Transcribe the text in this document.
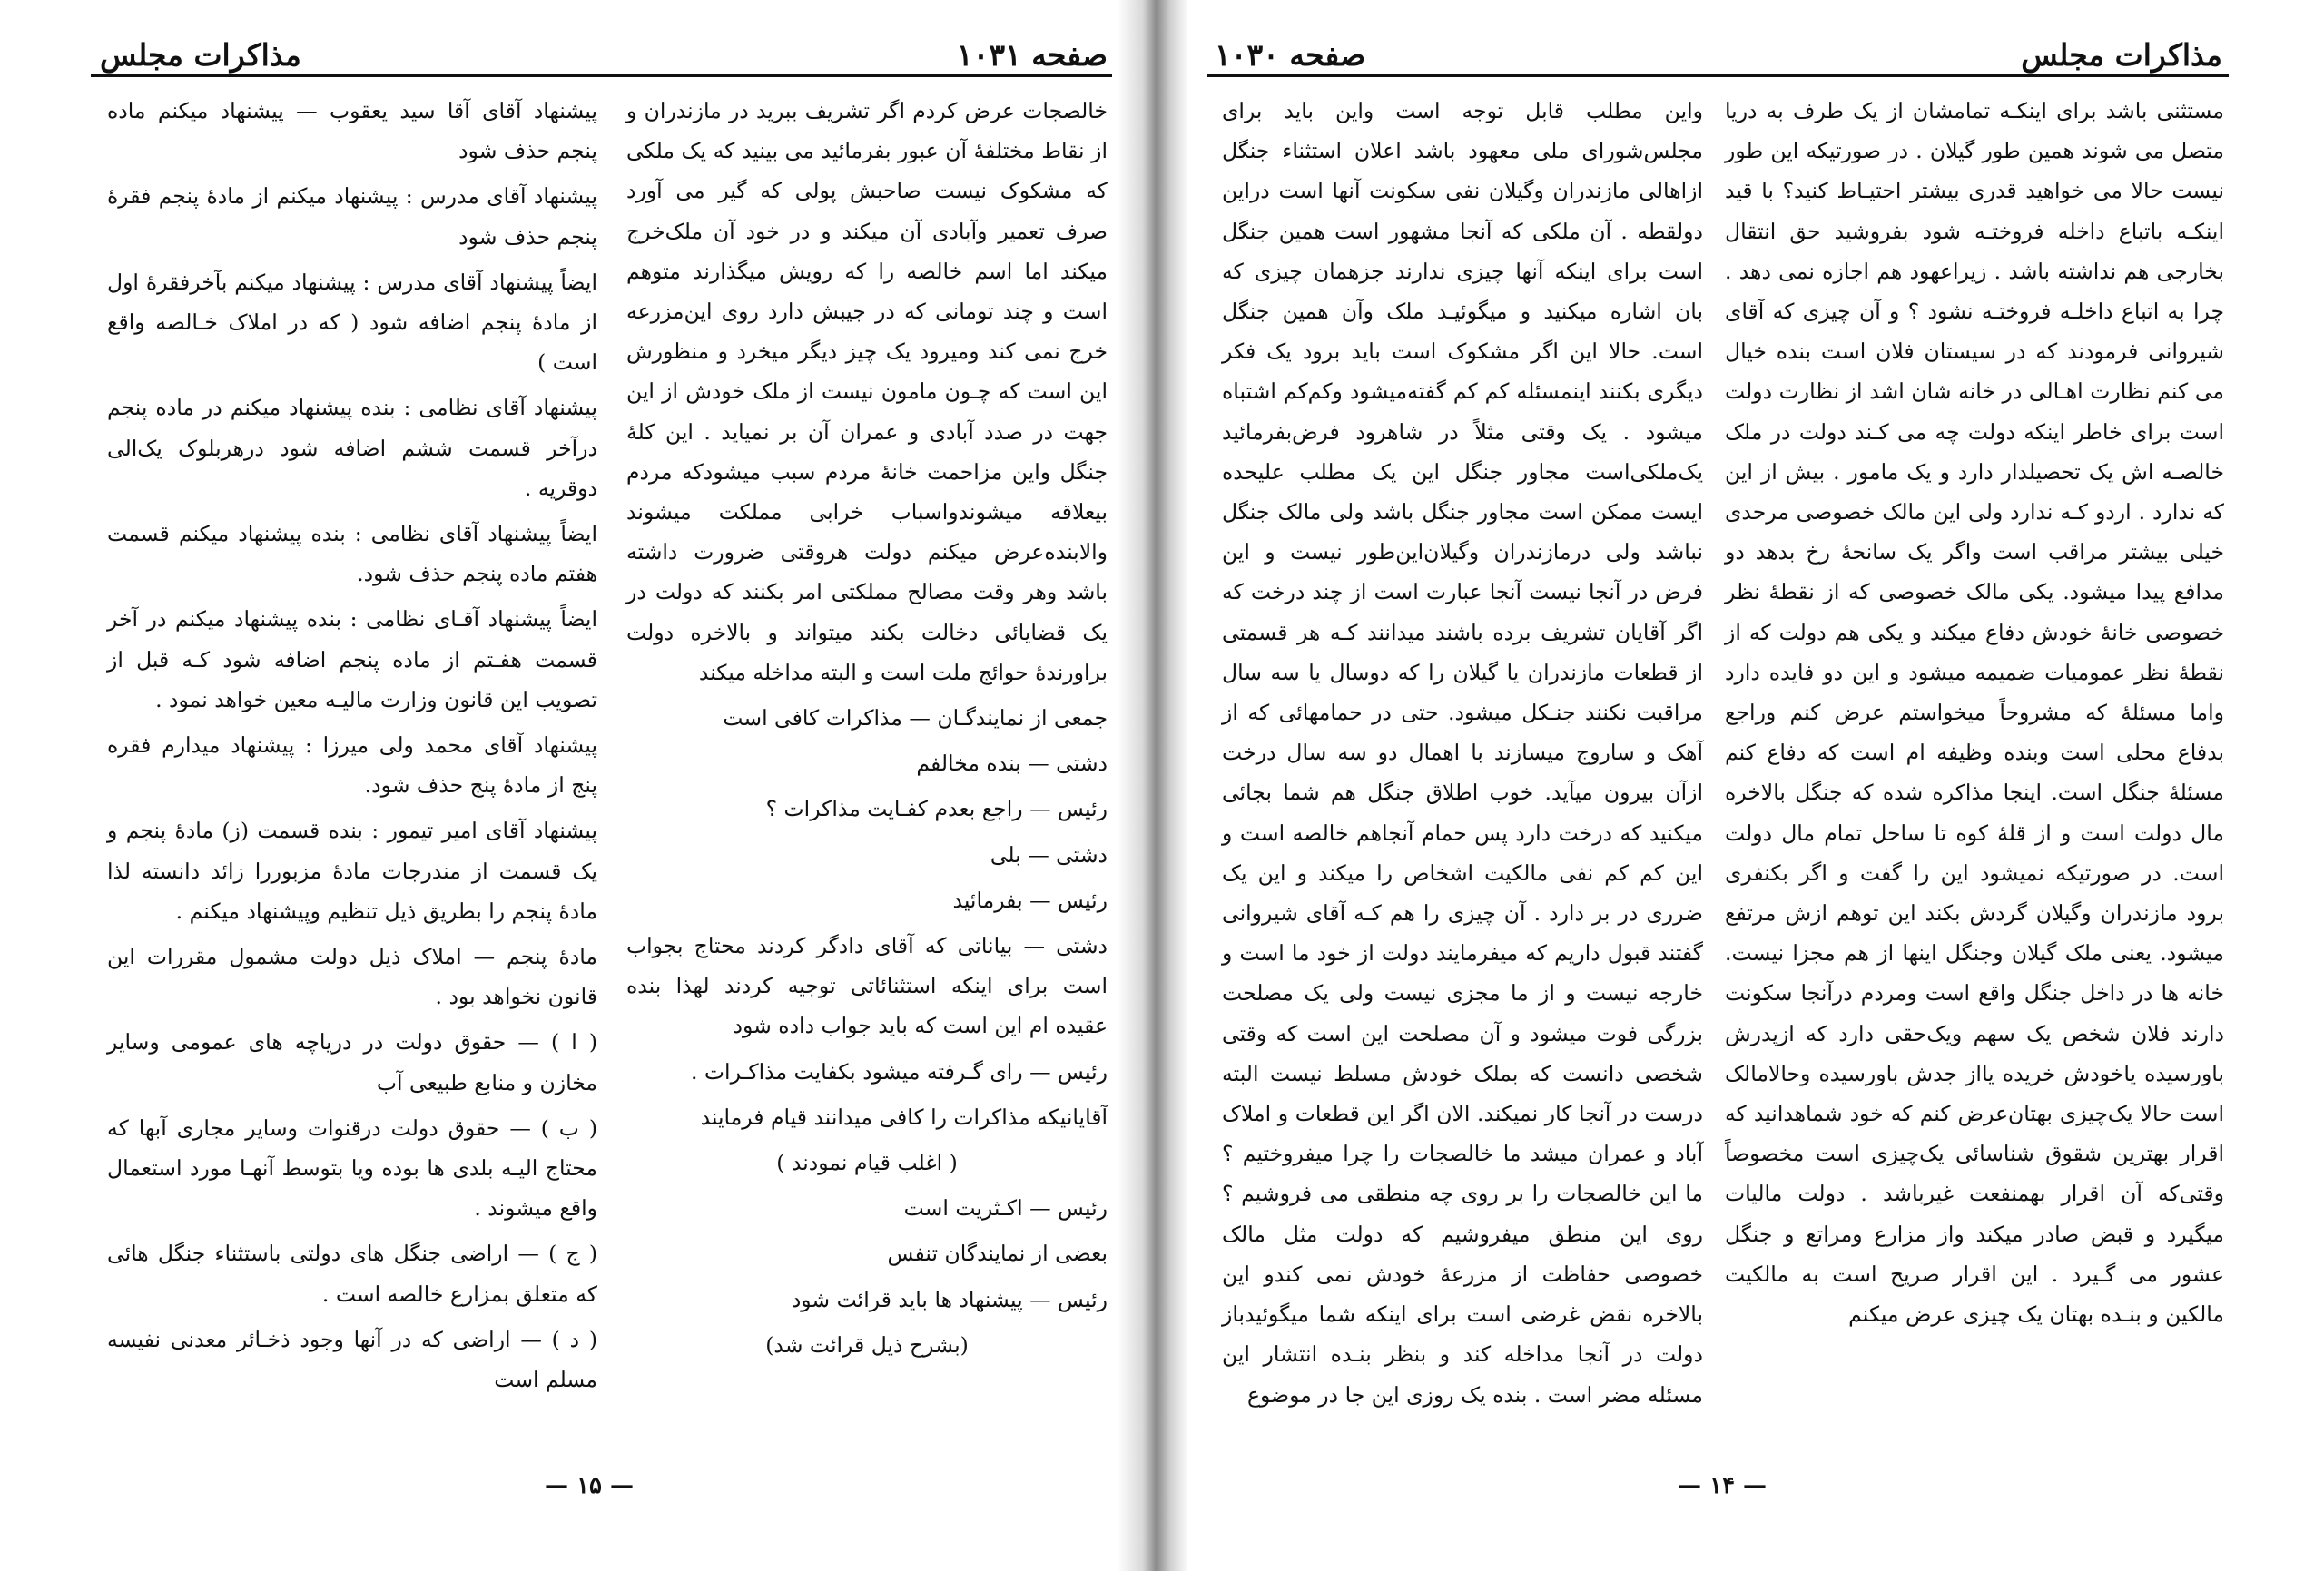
صفحه ۱۰۳۱
مذاکرات مجلس

خالصجات عرض کردم اگر تشریف ببرید در مازندران و از نقاط مختلفهٔ آن عبور بفرمائید می بینید که یک ملکی که مشکوک نیست صاحبش پولی که گیر می آورد صرف تعمیر وآبادی آن میکند و در خود آن ملک‌خرج میکند اما اسم خالصه را که رویش میگذارند متوهم است و چند تومانی که در جیبش دارد روی این‌مزرعه خرج نمی کند ومیرود یک چیز دیگر میخرد و منظورش این است که چـون مامون نیست از ملک خودش از این جهت در صدد آبادی و عمران آن بر نمیاید . این کلهٔ جنگل واین مزاحمت خانهٔ مردم سبب میشودکه مردم بیعلاقه میشوندواسباب خرابی مملکت میشوند والابنده‌عرض میکنم دولت هروقتی ضرورت داشته باشد وهر وقت مصالح مملکتی امر بکنند که دولت در یک قضایائی دخالت بکند میتواند و بالاخره دولت براورندهٔ حوائج ملت است و البته مداخله میکند

جمعی از نمایندگـان — مذاکرات کافی است

دشتی — بنده مخالفم

رئیس — راجع بعدم کفـایت مذاکرات ؟

دشتی — بلی

رئیس — بفرمائید

دشتی — بیاناتی که آقای دادگر کردند محتاج بجواب است برای اینکه استثنائاتی توجیه کردند لهذا بنده عقیده ام این است که باید جواب داده شود

رئیس — رای گـرفته میشود بکفایت مذاکـرات .

آقایانیکه مذاکرات را کافی میدانند قیام فرمایند

( اغلب قیام نمودند )

رئیس — اکـثریت است

بعضی از نمایندگان تنفس

رئیس — پیشنهاد ها باید قرائت شود

(بشرح ذیل قرائت شد)

پیشنهاد آقای آقا سید یعقوب — پیشنهاد میکنم ماده پنجم حذف شود

پیشنهاد آقای مدرس : پیشنهاد میکنم از مادهٔ پنجم فقرهٔ پنجم حذف شود

ایضاً پیشنهاد آقای مدرس : پیشنهاد میکنم بآخرفقرهٔ اول از مادهٔ پنجم اضافه شود ( که در املاک خـالصه واقع است )

پیشنهاد آقای نظامی : بنده پیشنهاد میکنم در ماده پنجم درآخر قسمت ششم اضافه شود درهربلوک یک‌الی دوقریه .

ایضاً پیشنهاد آقای نظامی : بنده پیشنهاد میکنم قسمت هفتم ماده پنجم حذف شود.

ایضاً پیشنهاد آقـای نظامی : بنده پیشنهاد میکنم در آخر قسمت هفـتم از ماده پنجم اضافه شود کـه قبل از تصویب این قانون وزارت مالیـه معین خواهد نمود .

پیشنهاد آقای محمد ولی میرزا : پیشنهاد میدارم فقره پنج از مادهٔ پنج حذف شود.

پیشنهاد آقای امیر تیمور : بنده قسمت (ز) مادهٔ پنجم و یک قسمت از مندرجات مادهٔ مزبوررا زائد دانسته لذا مادهٔ پنجم را بطریق ذیل تنظیم وپیشنهاد میکنم .

مادهٔ پنجم — املاک ذیل دولت مشمول مقررات این قانون نخواهد بود .

( ا ) — حقوق دولت در دریاچه های عمومی وسایر مخازن و منابع طبیعی آب

( ب ) — حقوق دولت درقنوات وسایر مجاری آبها که محتاج الیـه بلدی ها بوده ویا بتوسط آنهـا مورد استعمال واقع میشوند .

( ج ) — اراضی جنگل های دولتی باستثناء جنگل هائی که متعلق بمزارع خالصه است .

( د ) — اراضی که در آنها وجود ذخـائر معدنی نفیسه مسلم است

— ۱۵ —
مذاکرات مجلس
صفحه ۱۰۳۰

مستثنی باشد برای اینکـه تمامشان از یک طرف به دریا متصل می شوند همین طور گیلان . در صورتیکه این طور نیست حالا می خواهید قدری بیشتر احتیـاط کنید؟ با قید اینکـه باتباع داخله فروختـه شود بفروشید حق انتقال بخارجی هم نداشته باشد . زیراعهود هم اجازه نمی دهد . چرا به اتباع داخلـه فروختـه نشود ؟ و آن چیزی که آقای شیروانی فرمودند که در سیستان فلان است بنده خیال می کنم نظارت اهـالی در خانه شان اشد از نظارت دولت است برای خاطر اینکه دولت چه می کـند دولت در ملک خالصـه اش یک تحصیلدار دارد و یک مامور . بیش از این که ندارد . اردو کـه ندارد ولی این مالک خصوصی مرحدی خیلی بیشتر مراقب است واگر یک سانحهٔ رخ بدهد دو مدافع پیدا میشود. یکی مالک خصوصی که از نقطهٔ نظر خصوصی خانهٔ خودش دفاع میکند و یکی هم دولت که از نقطهٔ نظر عمومیات ضمیمه میشود و این دو فایده دارد واما مسئلهٔ که مشروحاً میخواستم عرض کنم وراجع بدفاع محلی است وبنده وظیفه ام است که دفاع کنم مسئلهٔ جنگل است. اینجا مذاکره شده که جنگل بالاخره مال دولت است و از قلهٔ کوه تا ساحل تمام مال دولت است. در صورتیکه نمیشود این را گفت و اگر بکنفری برود مازندران وگیلان گردش بکند این توهم ازش مرتفع میشود. یعنی ملک گیلان وجنگل اینها از هم مجزا نیست. خانه ها در داخل جنگل واقع است ومردم درآنجا سکونت دارند فلان شخص یک سهم ویک‌حقی دارد که ازپدرش باورسیده یا‌خودش خریده یااز جدش باورسیده وحالامالک است حالا یک‌چیزی بهتان‌عرض کنم که خود شماهدانید که اقرار بهترین شقوق شناسائی یک‌چیزی است مخصوصاً وقتی‌که آن اقرار بهمنفعت غیرباشد . دولت مالیات میگیرد و قبض صادر میکند واز مزارع ومراتع و جنگل عشور می گـیرد . این اقرار صریح است به مالکیت مالکین و بنـده بهتان یک چیزی عرض میکنم

واین مطلب قابل توجه است واین باید برای مجلس‌شورای ملی معهود باشد اعلان استثناء جنگل ازاهالی مازندران وگیلان نفی سکونت آنها است دراین دولقطه . آن ملکی که آنجا مشهور است همین جنگل است برای اینکه آنها چیزی ندارند جزهمان چیزی که بان اشاره میکنید و میگوئیـد ملک وآن همین جنگل است. حالا این اگر مشکوک است باید برود یک فکر دیگری بکنند اینمسئله کم‌ کم گفته‌میشود وکم‌کم اشتباه میشود . یک وقتی مثلاً در شاهرود فرض‌بفرمائید یک‌ملکی‌است مجاور جنگل این یک مطلب علیحده ایست ممکن است مجاور جنگل باشد ولی مالک جنگل نباشد ولی درمازندران وگیلان‌این‌طور نیست و این فرض در آنجا نیست آنجا عبارت است از چند درخت که اگر آقایان تشریف برده باشند میدانند کـه هر قسمتی از قطعات مازندران یا گیلان را که دوسال یا سه سال مراقبت نکنند جنـکل میشود. حتی در حمامهائی که از آهک و ساروج میسازند با اهمال دو سه سال درخت ازآن بیرون میآید. خوب اطلاق جنگل هم شما بجائی میکنید که درخت دارد پس حمام آنجاهم خالصه است و این کم کم نفی مالکیت اشخاص را میکند و این یک ضرری در بر دارد . آن چیزی را هم کـه آقای شیروانی گفتند قبول داریم که میفرمایند دولت از خود ما است و خارجه نیست و از ما مجزی نیست ولی یک مصلحت بزرگی فوت میشود و آن مصلحت این است که وقتی شخصی دانست که بملک خودش مسلط نیست البته درست در آنجا کار نمیکند. الان اگر این قطعات و املاک آباد و عمران میشد ما خالصجات را چرا میفروختیم ؟ ما این خالصجات را بر روی چه منطقی می فروشیم ؟ روی این منطق میفروشیم که دولت مثل مالک خصوصی حفاظت از مزرعهٔ خودش نمی کندو این بالاخره نقض غرضی است برای اینکه شما میگوئیدباز دولت در آنجا مداخله کند و بنظر بنـده انتشار این مسئله مضر است . بنده یک روزی این جا در موضوع

— ۱۴ —
